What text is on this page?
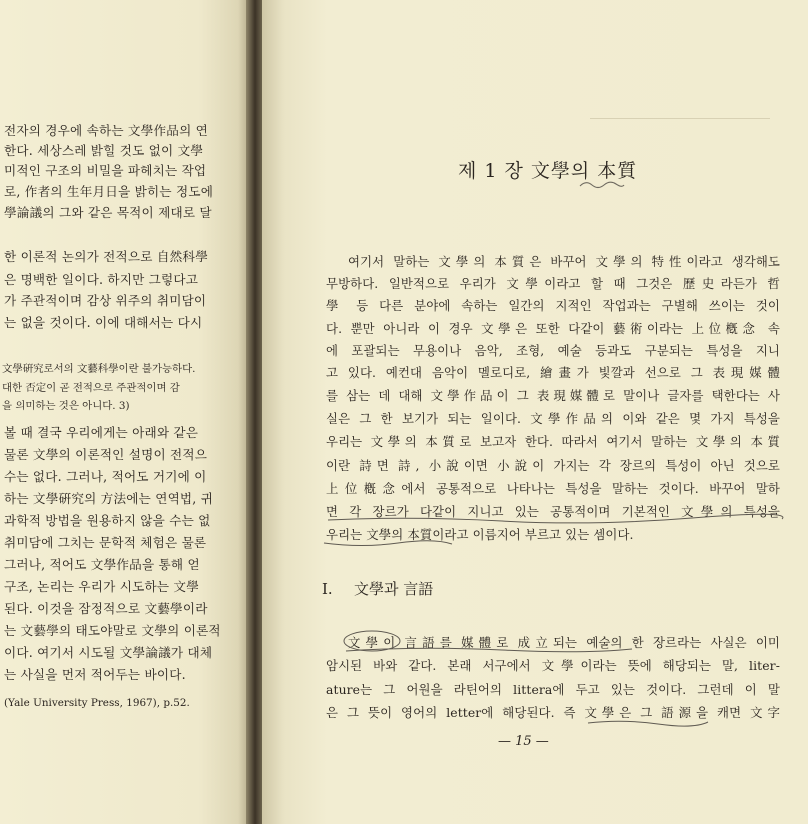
전자의 경우에 속하는 文學作品의 연
한다. 세상스레 밝힐 것도 없이 文學
미적인 구조의 비밀을 파헤치는 작업
로, 作者의 生年月日을 밝히는 정도에
學論議의 그와 같은 목적이 제대로 달
한 이론적 논의가 전적으로 自然科學
은 명백한 일이다. 하지만 그렇다고
가 주관적이며 감상 위주의 취미담이
는 없을 것이다. 이에 대해서는 다시
文學硏究로서의 文藝科學이란 불가능하다.
대한 否定이 곧 전적으로 주관적이며 감
을 의미하는 것은 아니다. 3)
볼 때 결국 우리에게는 아래와 같은
물론 文學의 이론적인 설명이 전적으
수는 없다. 그러나, 적어도 거기에 이
하는 文學硏究의 方法에는 연역법, 귀
과학적 방법을 원용하지 않을 수는 없
취미담에 그치는 문학적 체험은 물론
그러나, 적어도 文學作品을 통해 얻
구조, 논리는 우리가 시도하는 文學
된다. 이것을 잠정적으로 文藝學이라
는 文藝學의 태도야말로 文學의 이론적
이다. 여기서 시도될 文學論議가 대체
는 사실을 먼저 적어두는 바이다.
(Yale University Press, 1967), p.52.
제 1 장 文學의 本質
여기서 말하는 文學의 本質은 바꾸어 文學의 特性이라고 생각해도
무방하다. 일반적으로 우리가 文學이라고 할 때 그것은 歷史라든가 哲
學 등 다른 분야에 속하는 일간의 지적인 작업과는 구별해 쓰이는 것이
다. 뿐만 아니라 이 경우 文學은 또한 다같이 藝術이라는 上位槪念 속
에 포괄되는 무용이나 음악, 조형, 예술 등과도 구분되는 특성을 지니
고 있다. 예컨대 음악이 멜로디로, 繪畫가 빛깔과 선으로 그 表現媒體
를 삼는 데 대해 文學作品이 그 表現媒體로 말이나 글자를 택한다는 사
실은 그 한 보기가 되는 일이다. 文學作品의 이와 같은 몇 가지 특성을
우리는 文學의 本質로 보고자 한다. 따라서 여기서 말하는 文學의 本質
이란 詩면 詩, 小說이면 小說이 가지는 각 장르의 특성이 아닌 것으로
上位槪念에서 공통적으로 나타나는 특성을 말하는 것이다. 바꾸어 말하
면 각 장르가 다같이 지니고 있는 공통적이며 기본적인 文學의 특성을
우리는 文學의 本質이라고 이름지어 부르고 있는 셈이다.
I. 文學과 言語
文學이 言語를 媒體로 成立되는 예술의 한 장르라는 사실은 이미
암시된 바와 같다. 본래 서구에서 文學이라는 뜻에 해당되는 말, liter-
ature는 그 어원을 라틴어의 littera에 두고 있는 것이다. 그런데 이 말
은 그 뜻이 영어의 letter에 해당된다. 즉 文學은 그 語源을 캐면 文字
— 15 —
